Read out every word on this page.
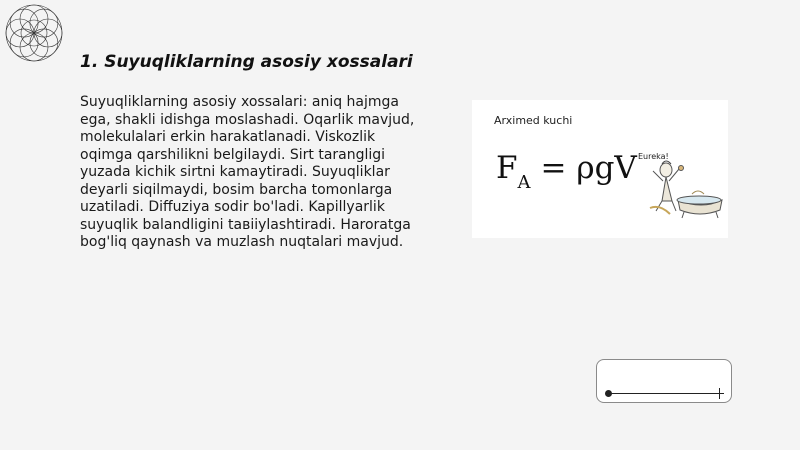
1. Suyuqliklarning asosiy xossalari

Suyuqliklarning asosiy xossalari: aniq hajmga ega, shakli idishga moslashadi. Oqarlik mavjud, molekulalari erkin harakatlanadi. Viskozlik oqimga qarshilikni belgilaydi. Sirt tarangligi yuzada kichik sirtni kamaytiradi. Suyuqliklar deyarli siqilmaydi, bosim barcha tomonlarga uzatiladi. Diffuziya sodir bo'ladi. Kapillyarlik suyuqlik balandligini tавiiylashtiradi. Haroratga bog'liq qaynash va muzlash nuqtalari mavjud.

Arximed kuchi
$F_A = \rho gV$ Eureka!
